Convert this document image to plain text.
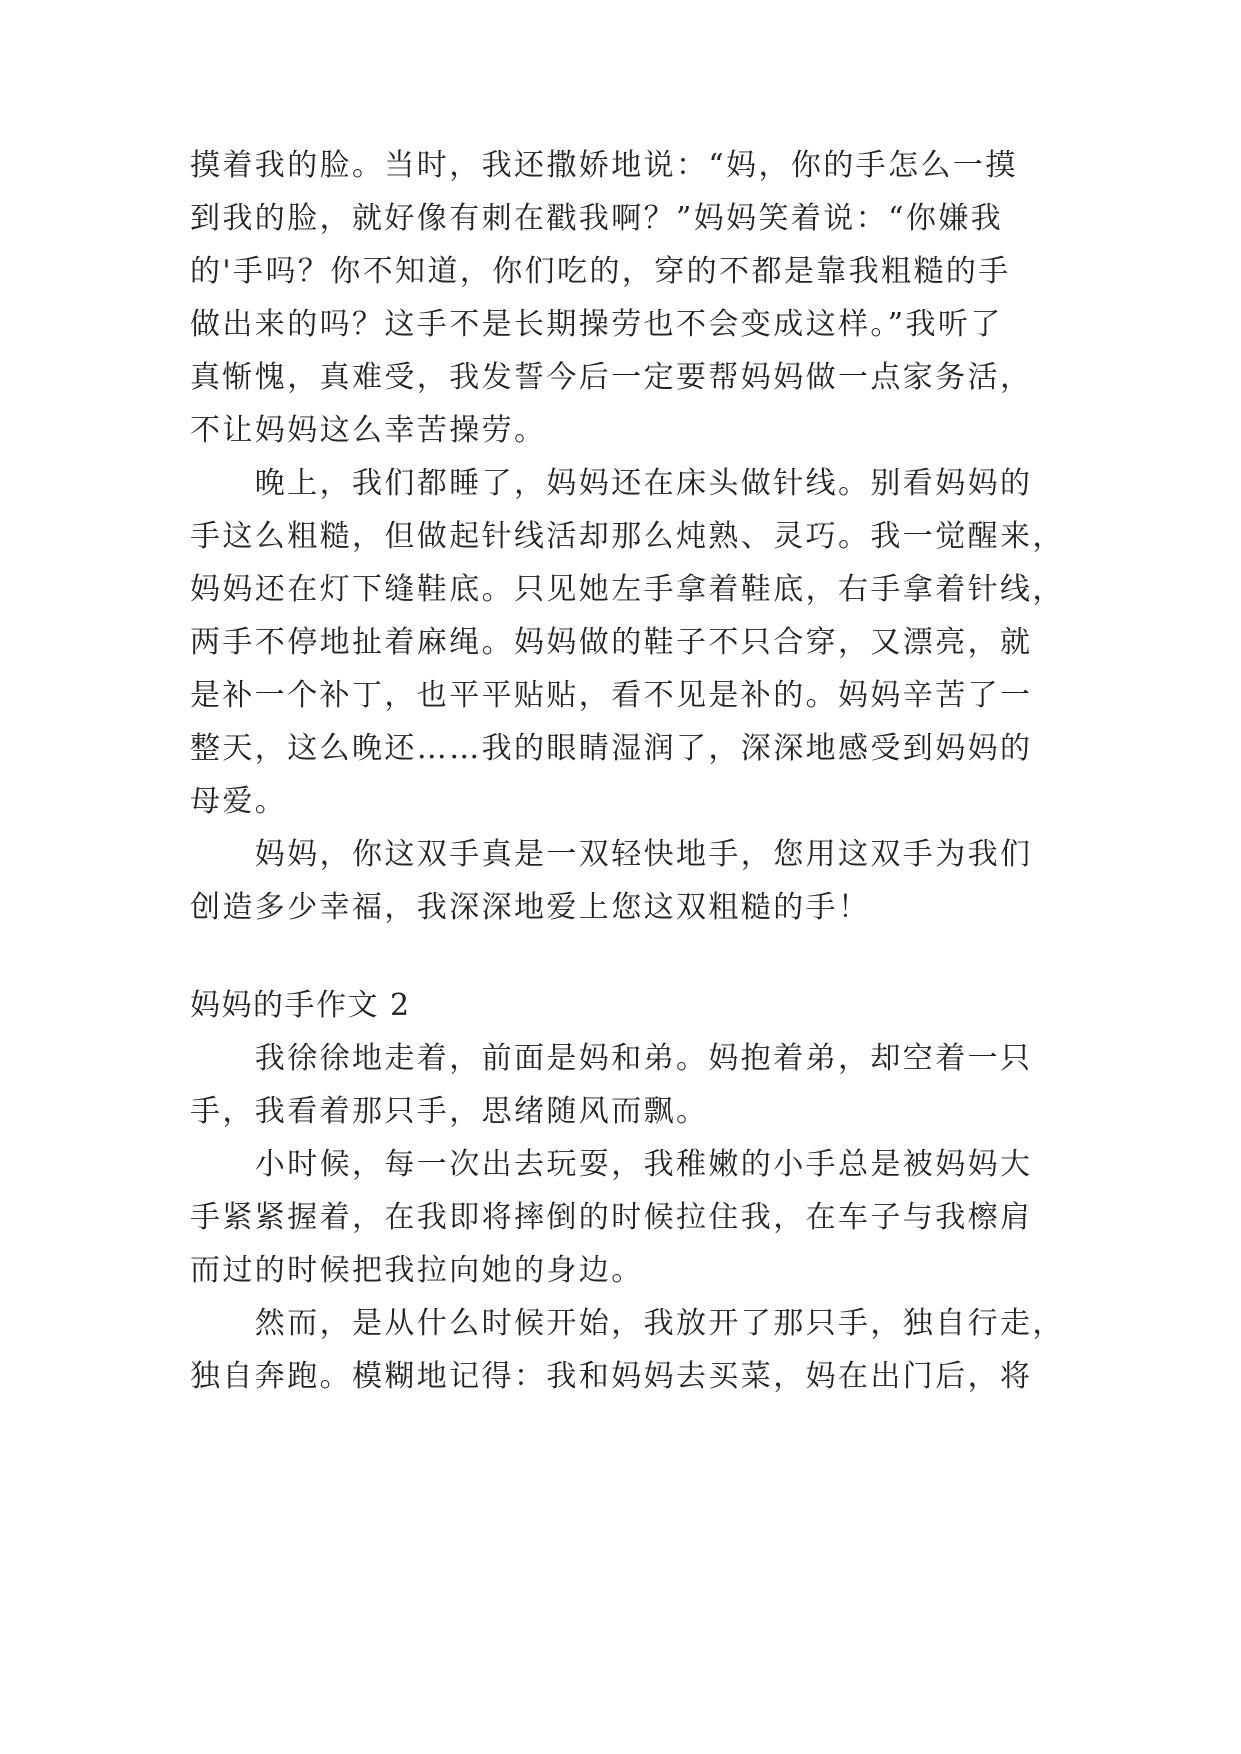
摸着我的脸。当时，我还撒娇地说：“妈，你的手怎么一摸
到我的脸，就好像有刺在戳我啊？”妈妈笑着说：“你嫌我
的'手吗？你不知道，你们吃的，穿的不都是靠我粗糙的手
做出来的吗？这手不是长期操劳也不会变成这样。”我听了
真惭愧，真难受，我发誓今后一定要帮妈妈做一点家务活，
不让妈妈这么幸苦操劳。
　　晚上，我们都睡了，妈妈还在床头做针线。别看妈妈的
手这么粗糙，但做起针线活却那么炖熟、灵巧。我一觉醒来，
妈妈还在灯下缝鞋底。只见她左手拿着鞋底，右手拿着针线，
两手不停地扯着麻绳。妈妈做的鞋子不只合穿，又漂亮，就
是补一个补丁，也平平贴贴，看不见是补的。妈妈辛苦了一
整天，这么晚还……我的眼睛湿润了，深深地感受到妈妈的
母爱。
　　妈妈，你这双手真是一双轻快地手，您用这双手为我们
创造多少幸福，我深深地爱上您这双粗糙的手！
妈妈的手作文 2
　　我徐徐地走着，前面是妈和弟。妈抱着弟，却空着一只
手，我看着那只手，思绪随风而飘。
　　小时候，每一次出去玩耍，我稚嫩的小手总是被妈妈大
手紧紧握着，在我即将摔倒的时候拉住我，在车子与我檫肩
而过的时候把我拉向她的身边。
　　然而，是从什么时候开始，我放开了那只手，独自行走，
独自奔跑。模糊地记得：我和妈妈去买菜，妈在出门后，将
